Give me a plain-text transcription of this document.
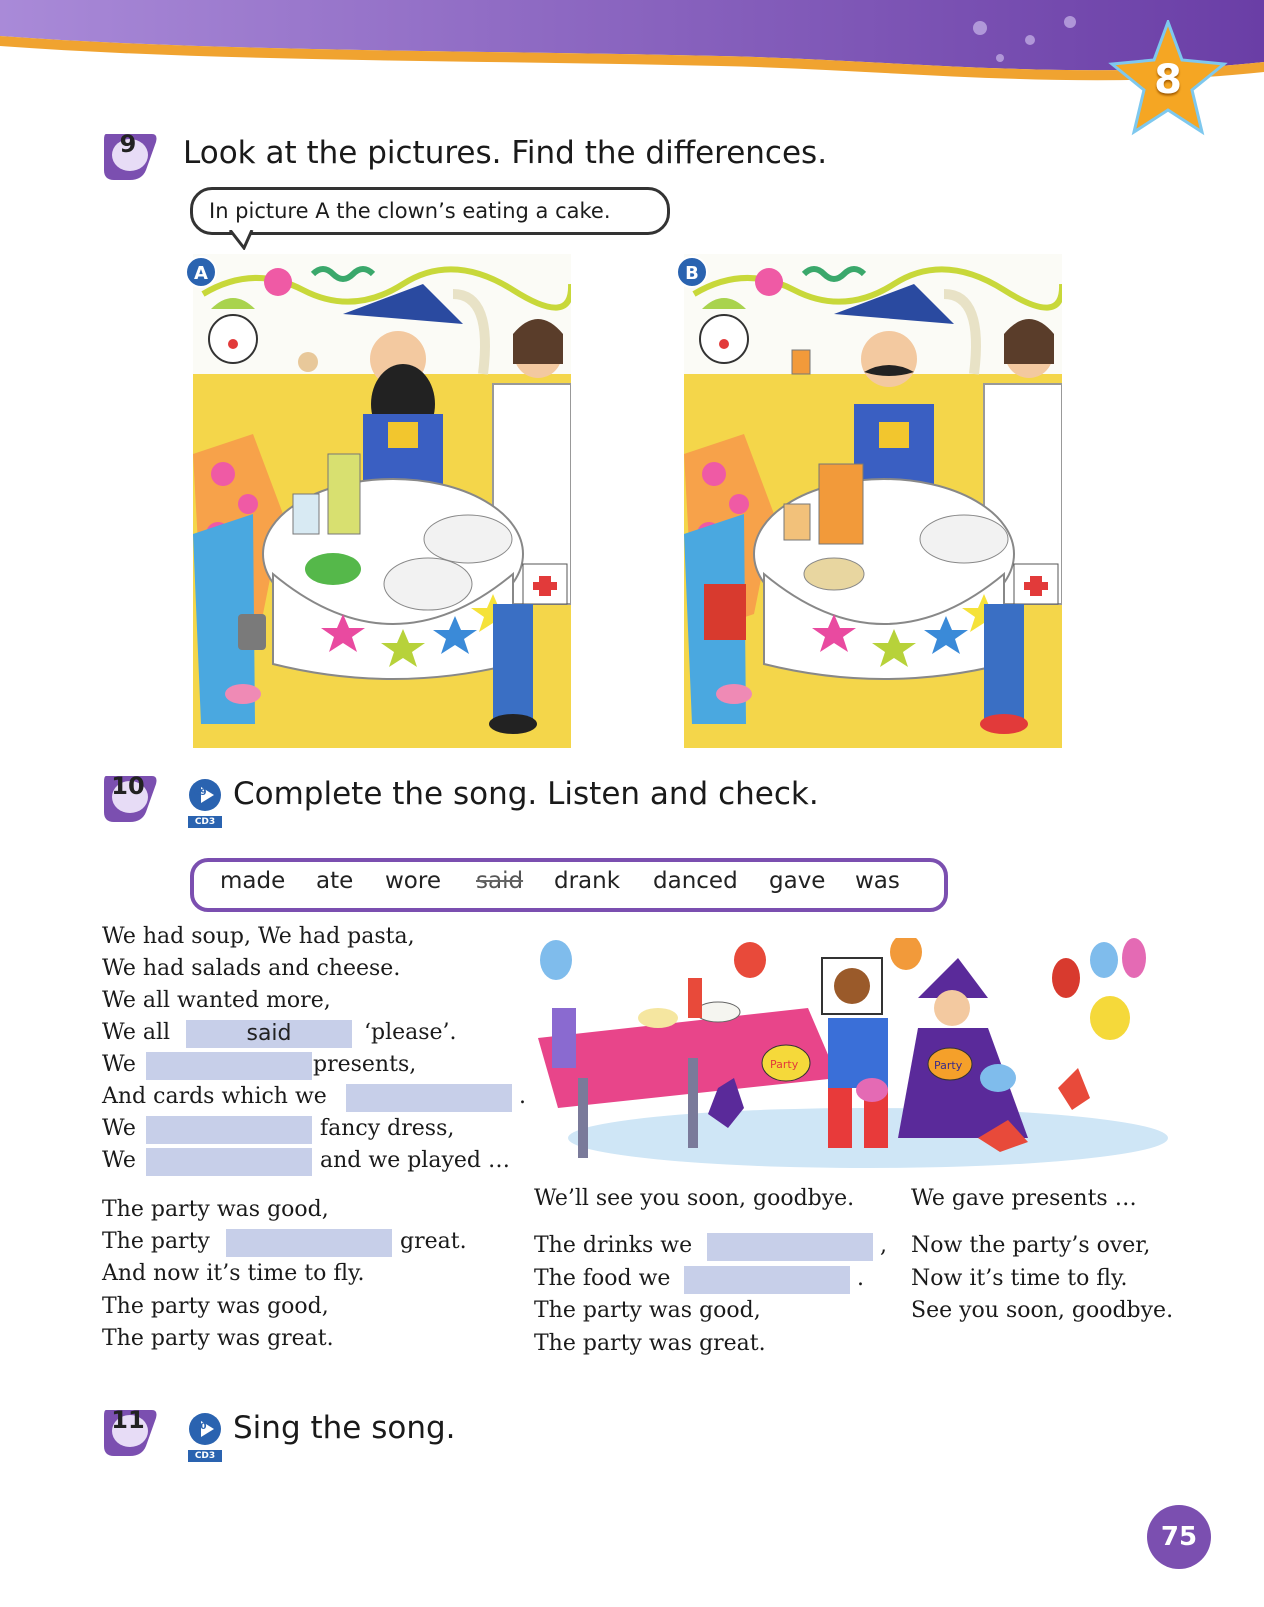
8
9	Look at the pictures. Find the differences.
In picture A the clown’s eating a cake.
A	B
10	09
CD3
Complete the song. Listen and check.
made ate wore said drank danced gave was
We had soup, We had pasta,
We had salads and cheese.
We all wanted more,
We all	said	‘please’.
We	presents,
And cards which we	.
We	fancy dress,
We	and we played …
The party was good,
The party	great.
And now it’s time to fly.
The party was good,
The party was great.
We’ll see you soon, goodbye.
The drinks we	,
The food we	.
The party was good,
The party was great.
We gave presents …
Now the party’s over,
Now it’s time to fly.
See you soon, goodbye.
Party	Party
11	10
CD3
Sing the song.
75
